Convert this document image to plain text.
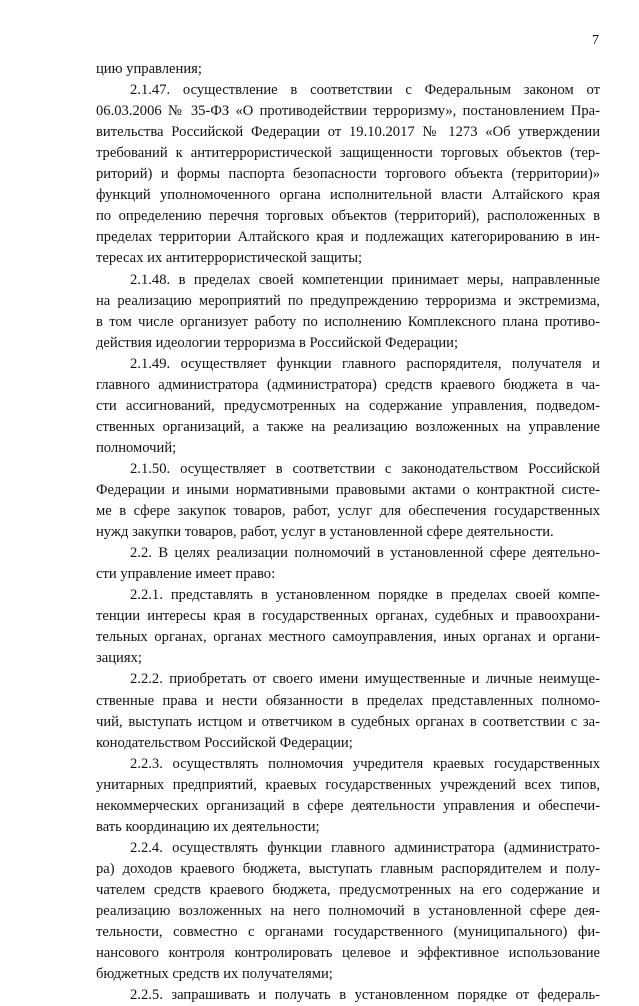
7
цию управления;
2.1.47. осуществление в соответствии с Федеральным законом от
06.03.2006 № 35-ФЗ «О противодействии терроризму», постановлением Пра-
вительства Российской Федерации от 19.10.2017 № 1273 «Об утверждении
требований к антитеррористической защищенности торговых объектов (тер-
риторий) и формы паспорта безопасности торгового объекта (территории)»
функций уполномоченного органа исполнительной власти Алтайского края
по определению перечня торговых объектов (территорий), расположенных в
пределах территории Алтайского края и подлежащих категорированию в ин-
тересах их антитеррористической защиты;
2.1.48. в пределах своей компетенции принимает меры, направленные
на реализацию мероприятий по предупреждению терроризма и экстремизма,
в том числе организует работу по исполнению Комплексного плана противо-
действия идеологии терроризма в Российской Федерации;
2.1.49. осуществляет функции главного распорядителя, получателя и
главного администратора (администратора) средств краевого бюджета в ча-
сти ассигнований, предусмотренных на содержание управления, подведом-
ственных организаций, а также на реализацию возложенных на управление
полномочий;
2.1.50. осуществляет в соответствии с законодательством Российской
Федерации и иными нормативными правовыми актами о контрактной систе-
ме в сфере закупок товаров, работ, услуг для обеспечения государственных
нужд закупки товаров, работ, услуг в установленной сфере деятельности.
2.2. В целях реализации полномочий в установленной сфере деятельно-
сти управление имеет право:
2.2.1. представлять в установленном порядке в пределах своей компе-
тенции интересы края в государственных органах, судебных и правоохрани-
тельных органах, органах местного самоуправления, иных органах и органи-
зациях;
2.2.2. приобретать от своего имени имущественные и личные неимуще-
ственные права и нести обязанности в пределах представленных полномо-
чий, выступать истцом и ответчиком в судебных органах в соответствии с за-
конодательством Российской Федерации;
2.2.3. осуществлять полномочия учредителя краевых государственных
унитарных предприятий, краевых государственных учреждений всех типов,
некоммерческих организаций в сфере деятельности управления и обеспечи-
вать координацию их деятельности;
2.2.4. осуществлять функции главного администратора (администрато-
ра) доходов краевого бюджета, выступать главным распорядителем и полу-
чателем средств краевого бюджета, предусмотренных на его содержание и
реализацию возложенных на него полномочий в установленной сфере дея-
тельности, совместно с органами государственного (муниципального) фи-
нансового контроля контролировать целевое и эффективное использование
бюджетных средств их получателями;
2.2.5. запрашивать и получать в установленном порядке от федераль-
